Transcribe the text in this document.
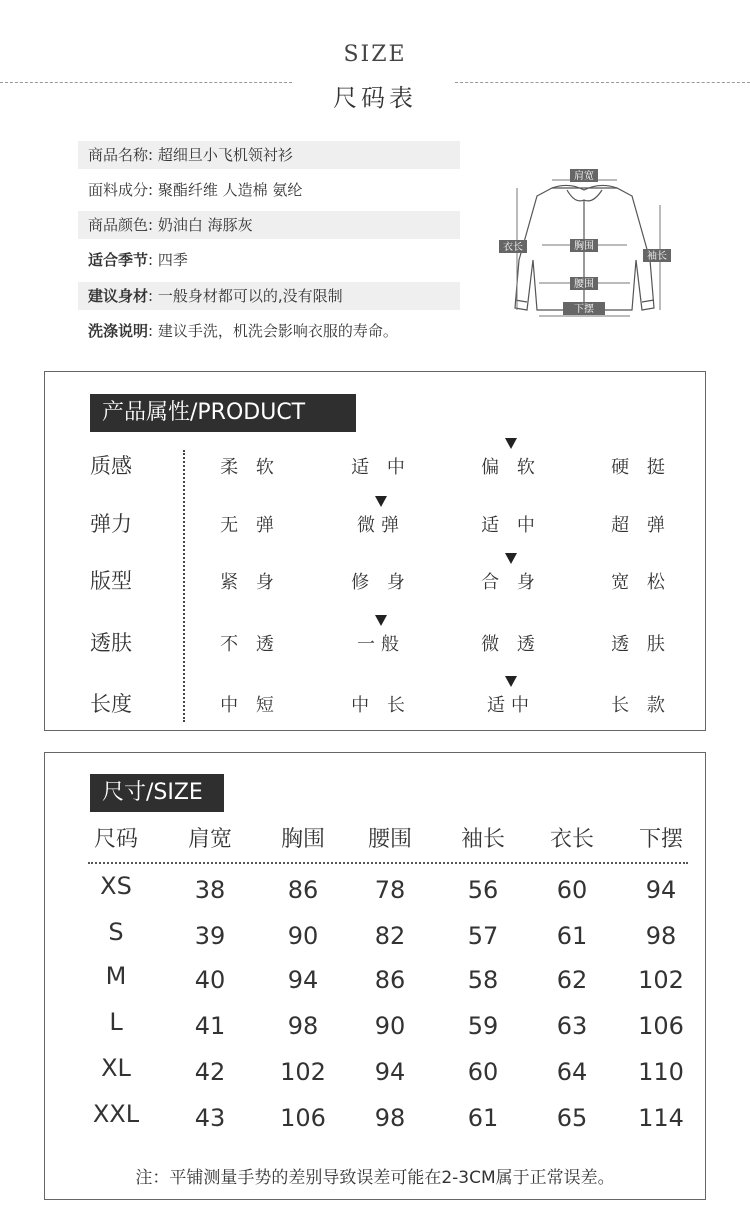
SIZE
尺码表
商品名称: 超细旦小飞机领衬衫
面料成分: 聚酯纤维 人造棉 氨纶
商品颜色: 奶油白 海豚灰
适合季节: 四季
建议身材: 一般身材都可以的,没有限制
洗涤说明: 建议手洗，机洗会影响衣服的寿命。
肩宽
胸围
腰围
下摆
衣长
袖长
产品属性/PRODUCT
质感	柔 软	适 中	偏 软	硬 挺
弹力	无 弹	微弹	适 中	超 弹
版型	紧 身	修 身	合 身	宽 松
透肤	不 透	一般	微 透	透 肤
长度	中 短	中 长	适中	长 款
尺寸/SIZE
尺码	肩宽	胸围	腰围	袖长	衣长	下摆
XS	38	86	78	56	60	94
S	39	90	82	57	61	98
M	40	94	86	58	62	102
L	41	98	90	59	63	106
XL	42	102	94	60	64	110
XXL	43	106	98	61	65	114
注：平铺测量手势的差别导致误差可能在2-3CM属于正常误差。
